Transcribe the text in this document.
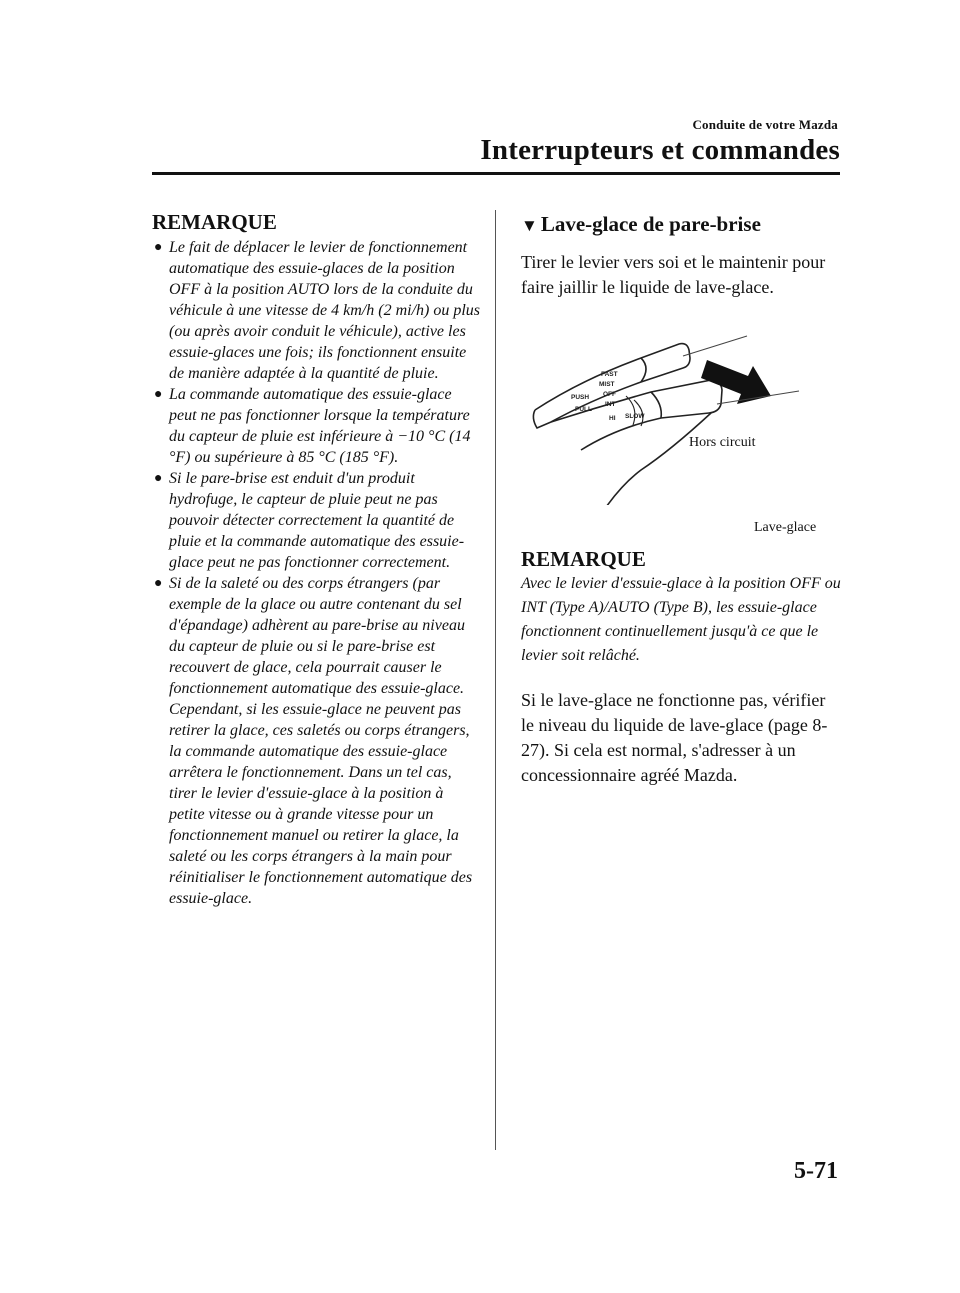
Conduite de votre Mazda
Interrupteurs et commandes
REMARQUE
● Le fait de déplacer le levier de fonctionnement automatique des essuie-glaces de la position OFF à la position AUTO lors de la conduite du véhicule à une vitesse de 4 km/h (2 mi/h) ou plus (ou après avoir conduit le véhicule), active les essuie-glaces une fois; ils fonctionnent ensuite de manière adaptée à la quantité de pluie.
● La commande automatique des essuie-glace peut ne pas fonctionner lorsque la température du capteur de pluie est inférieure à −10 °C (14 °F) ou supérieure à 85 °C (185 °F).
● Si le pare-brise est enduit d'un produit hydrofuge, le capteur de pluie peut ne pas pouvoir détecter correctement la quantité de pluie et la commande automatique des essuie-glace peut ne pas fonctionner correctement.
● Si de la saleté ou des corps étrangers (par exemple de la glace ou autre contenant du sel d'épandage) adhèrent au pare-brise au niveau du capteur de pluie ou si le pare-brise est recouvert de glace, cela pourrait causer le fonctionnement automatique des essuie-glace. Cependant, si les essuie-glace ne peuvent pas retirer la glace, ces saletés ou corps étrangers, la commande automatique des essuie-glace arrêtera le fonctionnement. Dans un tel cas, tirer le levier d'essuie-glace à la position à petite vitesse ou à grande vitesse pour un fonctionnement manuel ou retirer la glace, la saleté ou les corps étrangers à la main pour réinitialiser le fonctionnement automatique des essuie-glace.
▼ Lave-glace de pare-brise

Tirer le levier vers soi et le maintenir pour faire jaillir le liquide de lave-glace.

MIST
OFF
INT
FAST
SLOW
HI
PUSH
PULL
Hors circuit
Lave-glace
REMARQUE

Avec le levier d'essuie-glace à la position OFF ou INT (Type A)/AUTO (Type B), les essuie-glace fonctionnent continuellement jusqu'à ce que le levier soit relâché.

Si le lave-glace ne fonctionne pas, vérifier le niveau du liquide de lave-glace (page 8-27). Si cela est normal, s'adresser à un concessionnaire agréé Mazda.

5-71
